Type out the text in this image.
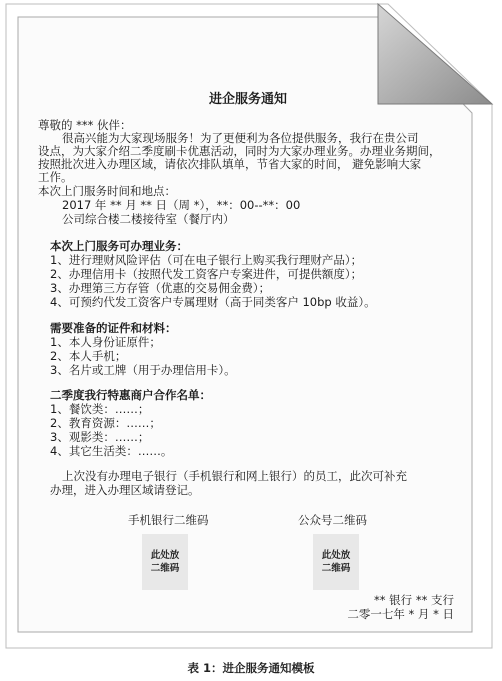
进企服务通知
尊敬的 *** 伙伴：
很高兴能为大家现场服务！为了更便利为各位提供服务，我行在贵公司
设点，为大家介绍二季度刷卡优惠活动，同时为大家办理业务。办理业务期间，
按照批次进入办理区域，请依次排队填单，节省大家的时间， 避免影响大家
工作。
本次上门服务时间和地点：
2017 年 ** 月 ** 日（周 *），**：00--**：00
公司综合楼二楼接待室（餐厅内）
本次上门服务可办理业务：
1、进行理财风险评估（可在电子银行上购买我行理财产品）；
2、办理信用卡（按照代发工资客户专案进件，可提供额度）；
3、办理第三方存管（优惠的交易佣金费）；
4、可预约代发工资客户专属理财（高于同类客户 10bp 收益）。
需要准备的证件和材料：
1、本人身份证原件；
2、本人手机；
3、名片或工牌（用于办理信用卡）。
二季度我行特惠商户合作名单：
1、餐饮类：……；
2、教育资源：……；
3、观影类：……；
4、其它生活类：……。
上次没有办理电子银行（手机银行和网上银行）的员工，此次可补充
办理，进入办理区域请登记。
手机银行二维码
此处放
二维码
公众号二维码
此处放
二维码
** 银行 ** 支行
二零一七年 * 月 * 日
表 1：进企服务通知模板
